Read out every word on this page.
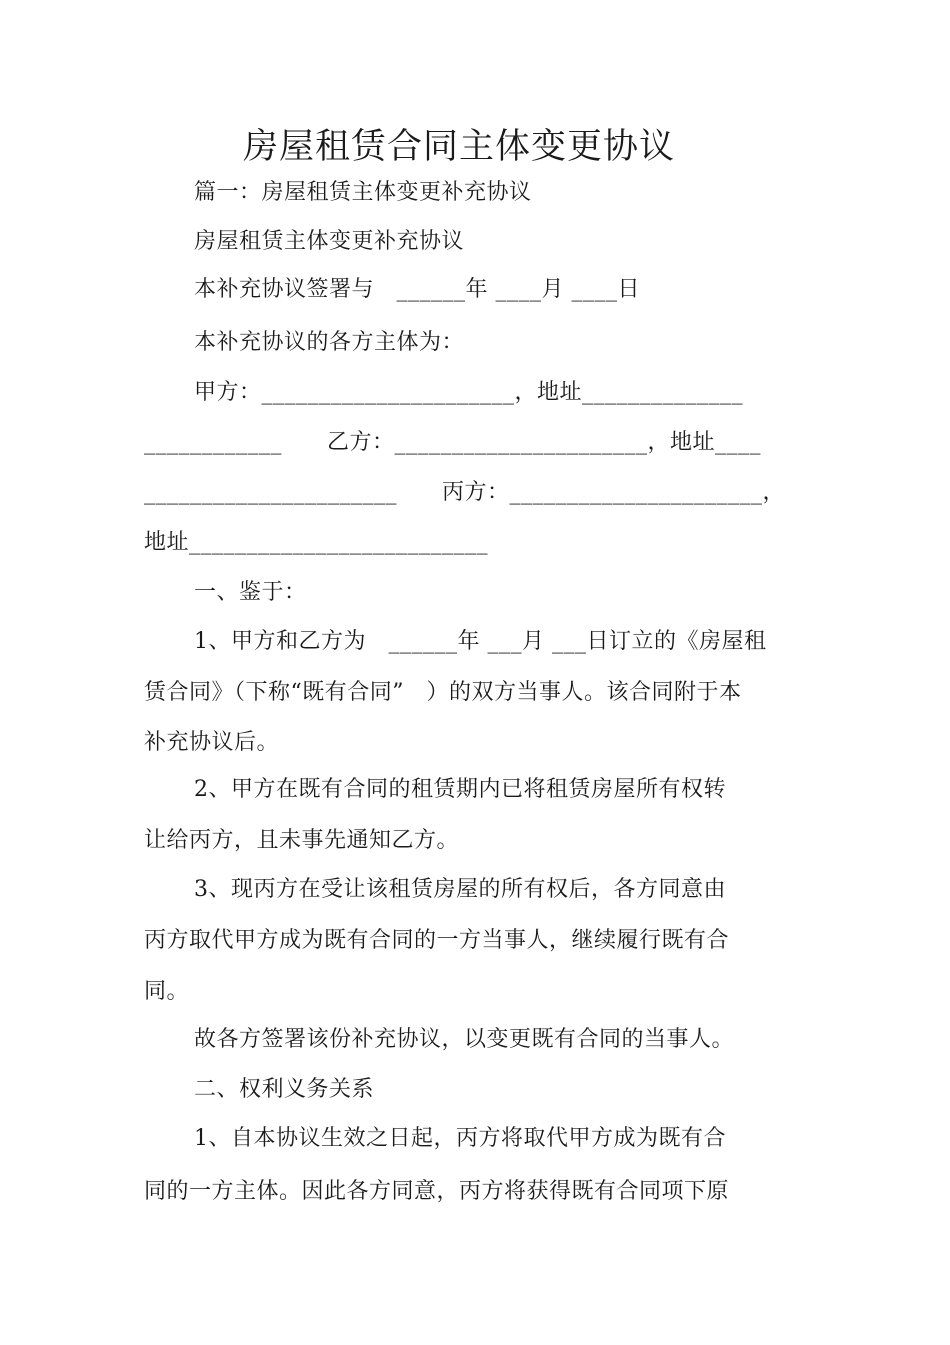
房屋租赁合同主体变更协议
篇一：房屋租赁主体变更补充协议
房屋租赁主体变更补充协议
本补充协议签署与　______年 ____月 ____日
本补充协议的各方主体为：
甲方：______________________，地址______________
____________　　乙方：______________________，地址____
______________________　　丙方：______________________，
地址__________________________
一、鉴于：
1、甲方和乙方为　______年 ___月 ___日订立的《房屋租
赁合同》（下称“既有合同”　）的双方当事人。该合同附于本
补充协议后。
2、甲方在既有合同的租赁期内已将租赁房屋所有权转
让给丙方，且未事先通知乙方。
3、现丙方在受让该租赁房屋的所有权后，各方同意由
丙方取代甲方成为既有合同的一方当事人，继续履行既有合
同。
故各方签署该份补充协议，以变更既有合同的当事人。
二、权利义务关系
1、自本协议生效之日起，丙方将取代甲方成为既有合
同的一方主体。因此各方同意，丙方将获得既有合同项下原
